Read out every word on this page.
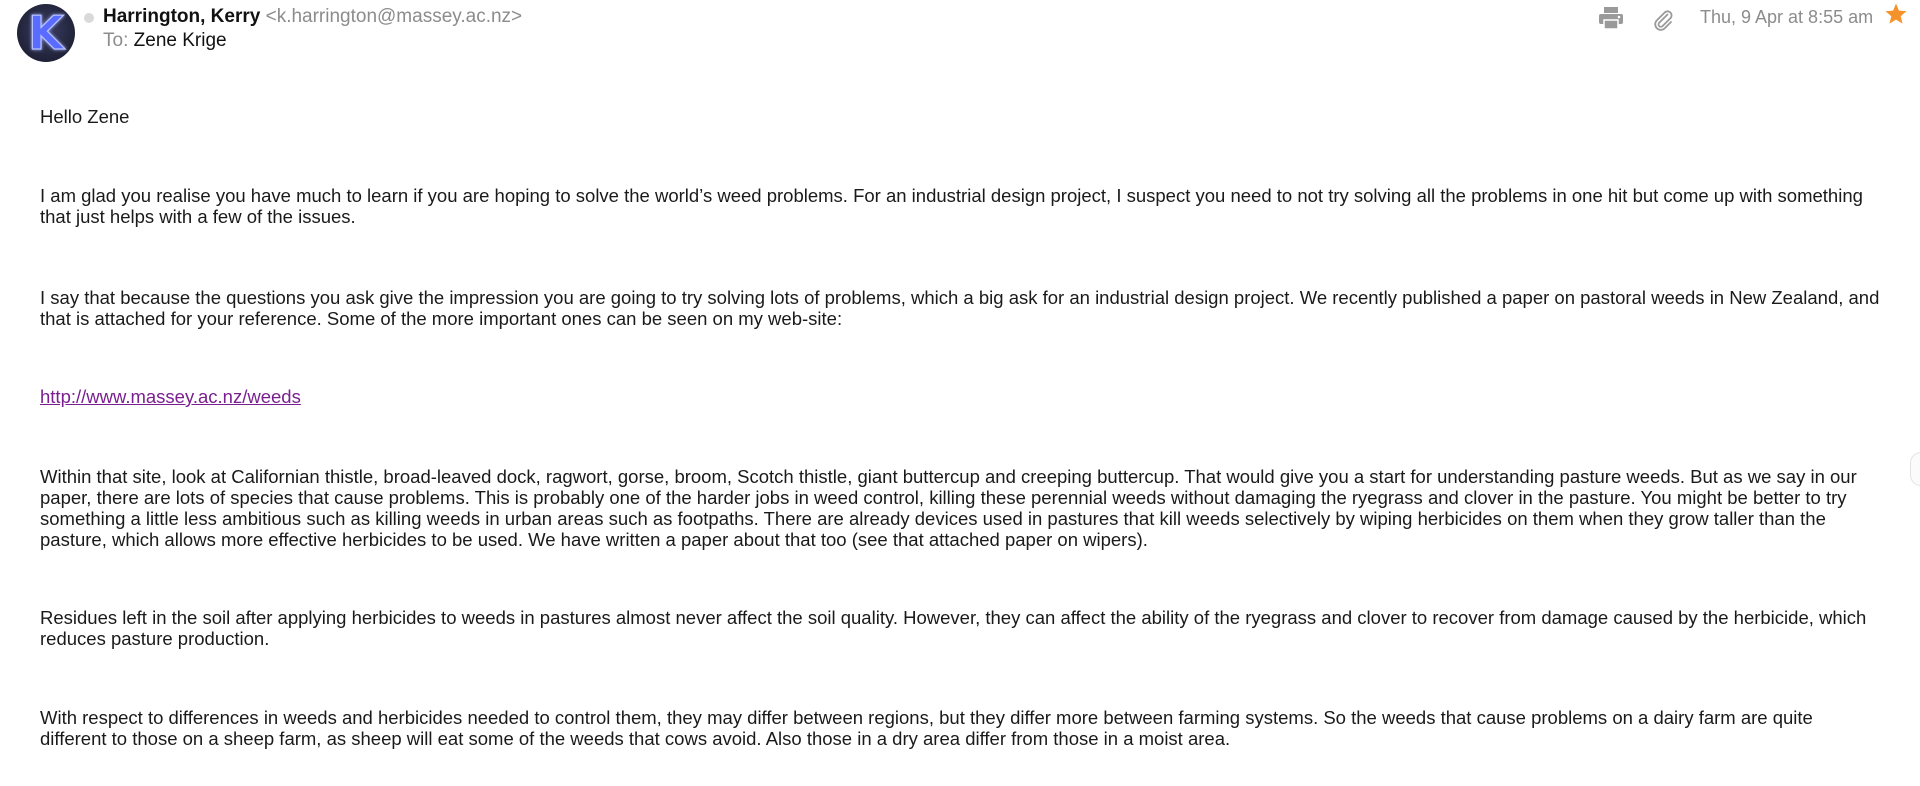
K Harrington, Kerry <k.harrington@massey.ac.nz>
To: Zene Krige
Thu, 9 Apr at 8:55 am

Hello Zene

I am glad you realise you have much to learn if you are hoping to solve the world’s weed problems. For an industrial design project, I suspect you need to not try solving all the problems in one hit but come up with something that just helps with a few of the issues.

I say that because the questions you ask give the impression you are going to try solving lots of problems, which a big ask for an industrial design project. We recently published a paper on pastoral weeds in New Zealand, and that is attached for your reference. Some of the more important ones can be seen on my web-site:

http://www.massey.ac.nz/weeds

Within that site, look at Californian thistle, broad-leaved dock, ragwort, gorse, broom, Scotch thistle, giant buttercup and creeping buttercup. That would give you a start for understanding pasture weeds. But as we say in our paper, there are lots of species that cause problems. This is probably one of the harder jobs in weed control, killing these perennial weeds without damaging the ryegrass and clover in the pasture. You might be better to try something a little less ambitious such as killing weeds in urban areas such as footpaths. There are already devices used in pastures that kill weeds selectively by wiping herbicides on them when they grow taller than the pasture, which allows more effective herbicides to be used. We have written a paper about that too (see that attached paper on wipers).

Residues left in the soil after applying herbicides to weeds in pastures almost never affect the soil quality. However, they can affect the ability of the ryegrass and clover to recover from damage caused by the herbicide, which reduces pasture production.

With respect to differences in weeds and herbicides needed to control them, they may differ between regions, but they differ more between farming systems. So the weeds that cause problems on a dairy farm are quite different to those on a sheep farm, as sheep will eat some of the weeds that cows avoid. Also those in a dry area differ from those in a moist area.
